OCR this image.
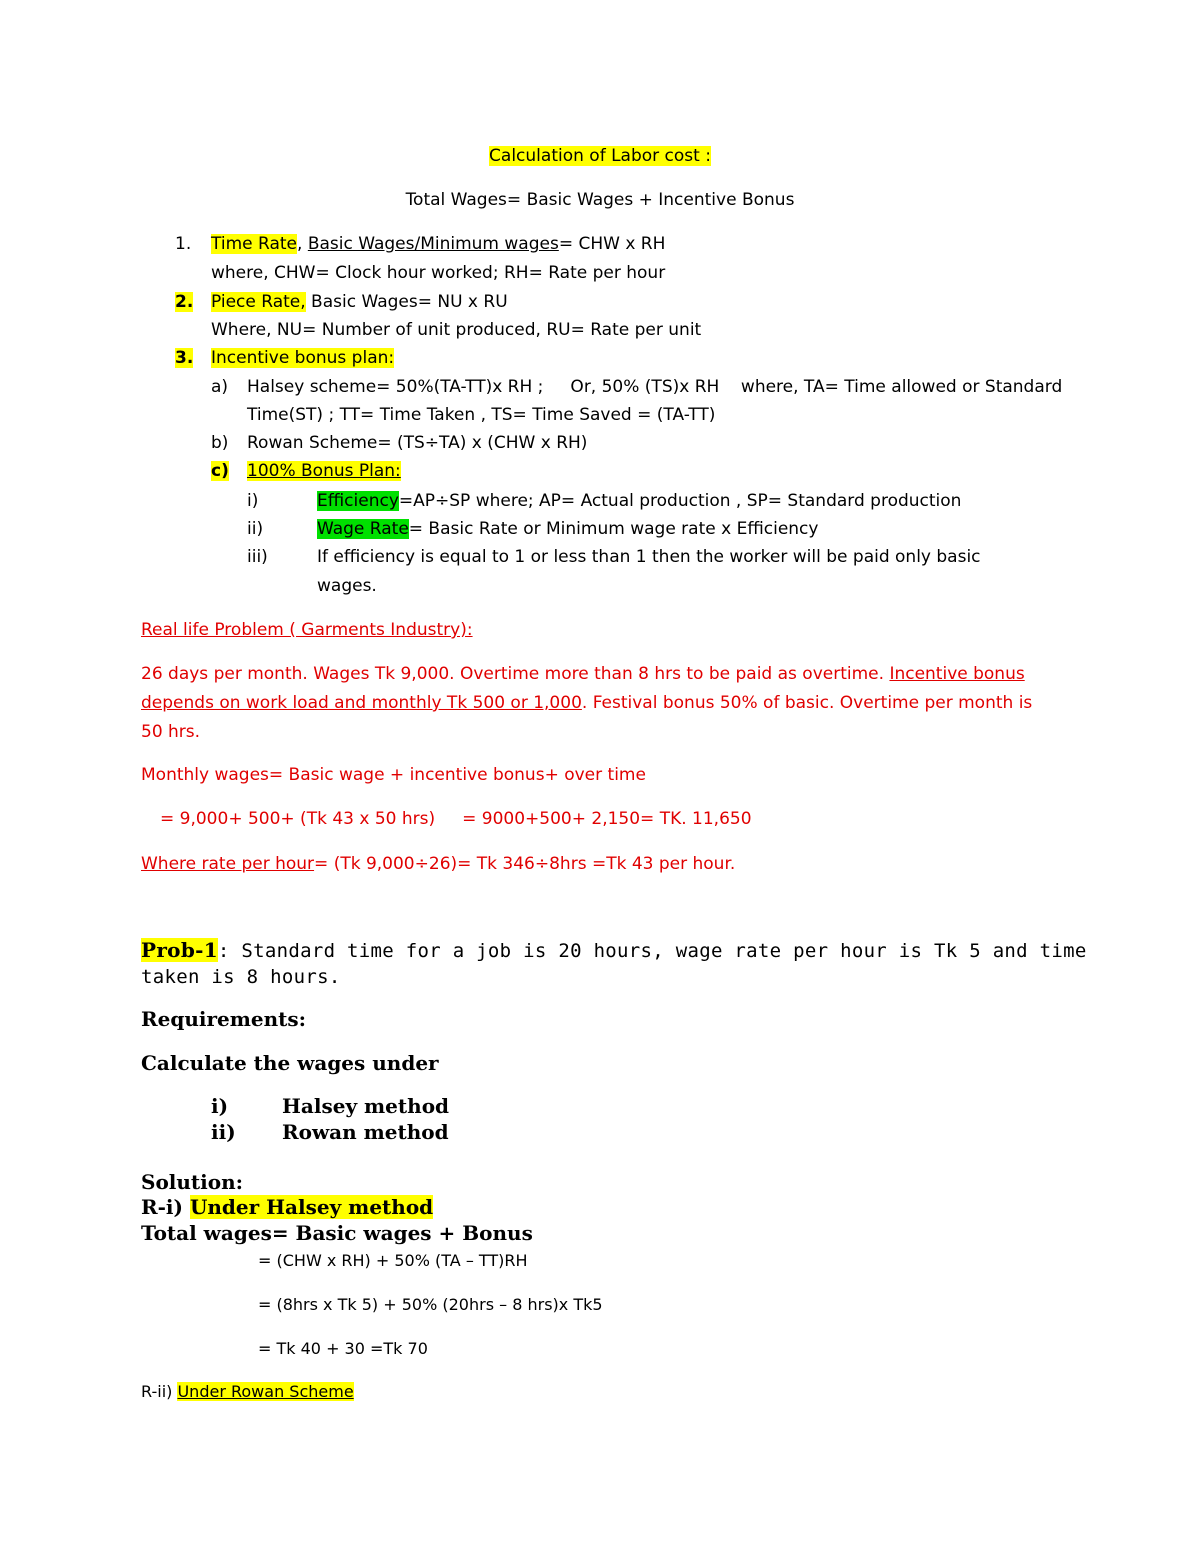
Calculation of Labor cost :
Total Wages= Basic Wages + Incentive Bonus
1. Time Rate, Basic Wages/Minimum wages= CHW x RH
where, CHW= Clock hour worked; RH= Rate per hour
2. Piece Rate, Basic Wages= NU x RU
Where, NU= Number of unit produced, RU= Rate per unit
3. Incentive bonus plan:
a) Halsey scheme= 50%(TA-TT)x RH ;     Or, 50% (TS)x RH    where, TA= Time allowed or Standard
Time(ST) ; TT= Time Taken , TS= Time Saved = (TA-TT)
b) Rowan Scheme= (TS÷TA) x (CHW x RH)
c) 100% Bonus Plan:
i)	Efficiency=AP÷SP where; AP= Actual production , SP= Standard production
ii)	Wage Rate= Basic Rate or Minimum wage rate x Efficiency
iii)	If efficiency is equal to 1 or less than 1 then the worker will be paid only basic
wages.
Real life Problem ( Garments Industry):
26 days per month. Wages Tk 9,000. Overtime more than 8 hrs to be paid as overtime. Incentive bonus
depends on work load and monthly Tk 500 or 1,000. Festival bonus 50% of basic. Overtime per month is
50 hrs.
Monthly wages= Basic wage + incentive bonus+ over time
= 9,000+ 500+ (Tk 43 x 50 hrs)     = 9000+500+ 2,150= TK. 11,650
Where rate per hour= (Tk 9,000÷26)= Tk 346÷8hrs =Tk 43 per hour.
Prob-1: Standard time for a job is 20 hours, wage rate per hour is Tk 5 and time
taken is 8 hours.
Requirements:
Calculate the wages under
i)	Halsey method
ii) Rowan method
Solution:
R-i) Under Halsey method
Total wages= Basic wages + Bonus
= (CHW x RH) + 50% (TA – TT)RH
= (8hrs x Tk 5) + 50% (20hrs – 8 hrs)x Tk5
= Tk 40 + 30 =Tk 70
R-ii) Under Rowan Scheme
